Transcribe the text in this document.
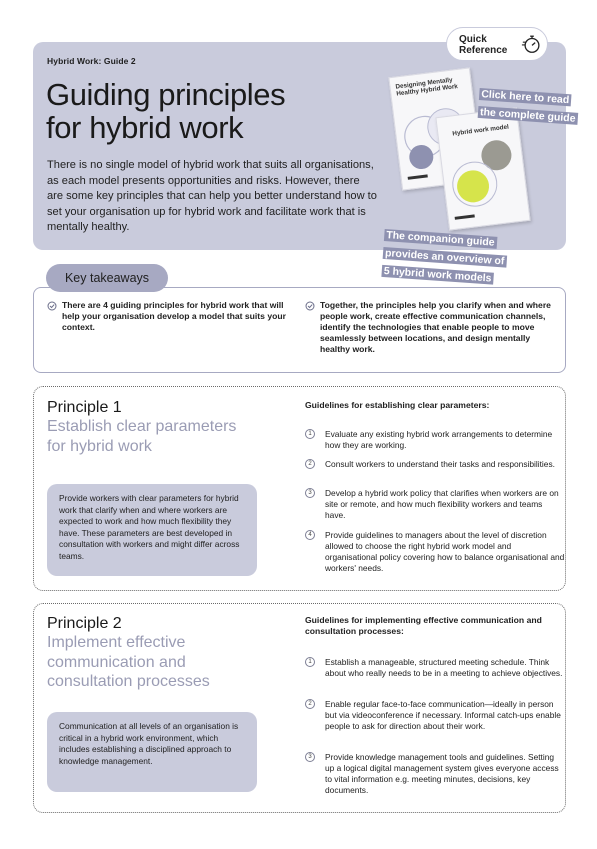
Hybrid Work: Guide 2
Guiding principles
for hybrid work
There is no single model of hybrid work that suits all organisations, as each model presents opportunities and risks. However, there are some key principles that can help you better understand how to set your organisation up for hybrid work and facilitate work that is mentally healthy.
Quick
Reference
Designing Mentally Healthy Hybrid Work
Hybrid work model
Click here to read
the complete guide
The companion guide
provides an overview of
5 hybrid work models
Key takeaways
There are 4 guiding principles for hybrid work that will help your organisation develop a model that suits your context.
Together, the principles help you clarify when and where people work, create effective communication channels, identify the technologies that enable people to move seamlessly between locations, and design mentally healthy work.
Principle 1
Establish clear parameters
for hybrid work
Provide workers with clear parameters for hybrid work that clarify when and where workers are expected to work and how much flexibility they have. These parameters are best developed in consultation with workers and might differ across teams.
Guidelines for establishing clear parameters:
1	Evaluate any existing hybrid work arrangements to determine how they are working.
2	Consult workers to understand their tasks and responsibilities.
3	Develop a hybrid work policy that clarifies when workers are on site or remote, and how much flexibility workers and teams have.
4	Provide guidelines to managers about the level of discretion allowed to choose the right hybrid work model and organisational policy covering how to balance organisational and workers' needs.
Principle 2
Implement effective
communication and
consultation processes
Communication at all levels of an organisation is critical in a hybrid work environment, which includes establishing a disciplined approach to knowledge management.
Guidelines for implementing effective communication and consultation processes:
1	Establish a manageable, structured meeting schedule. Think about who really needs to be in a meeting to achieve objectives.
2	Enable regular face-to-face communication—ideally in person but via videoconference if necessary. Informal catch-ups enable people to ask for direction about their work.
3	Provide knowledge management tools and guidelines. Setting up a logical digital management system gives everyone access to vital information e.g. meeting minutes, decisions, key documents.
